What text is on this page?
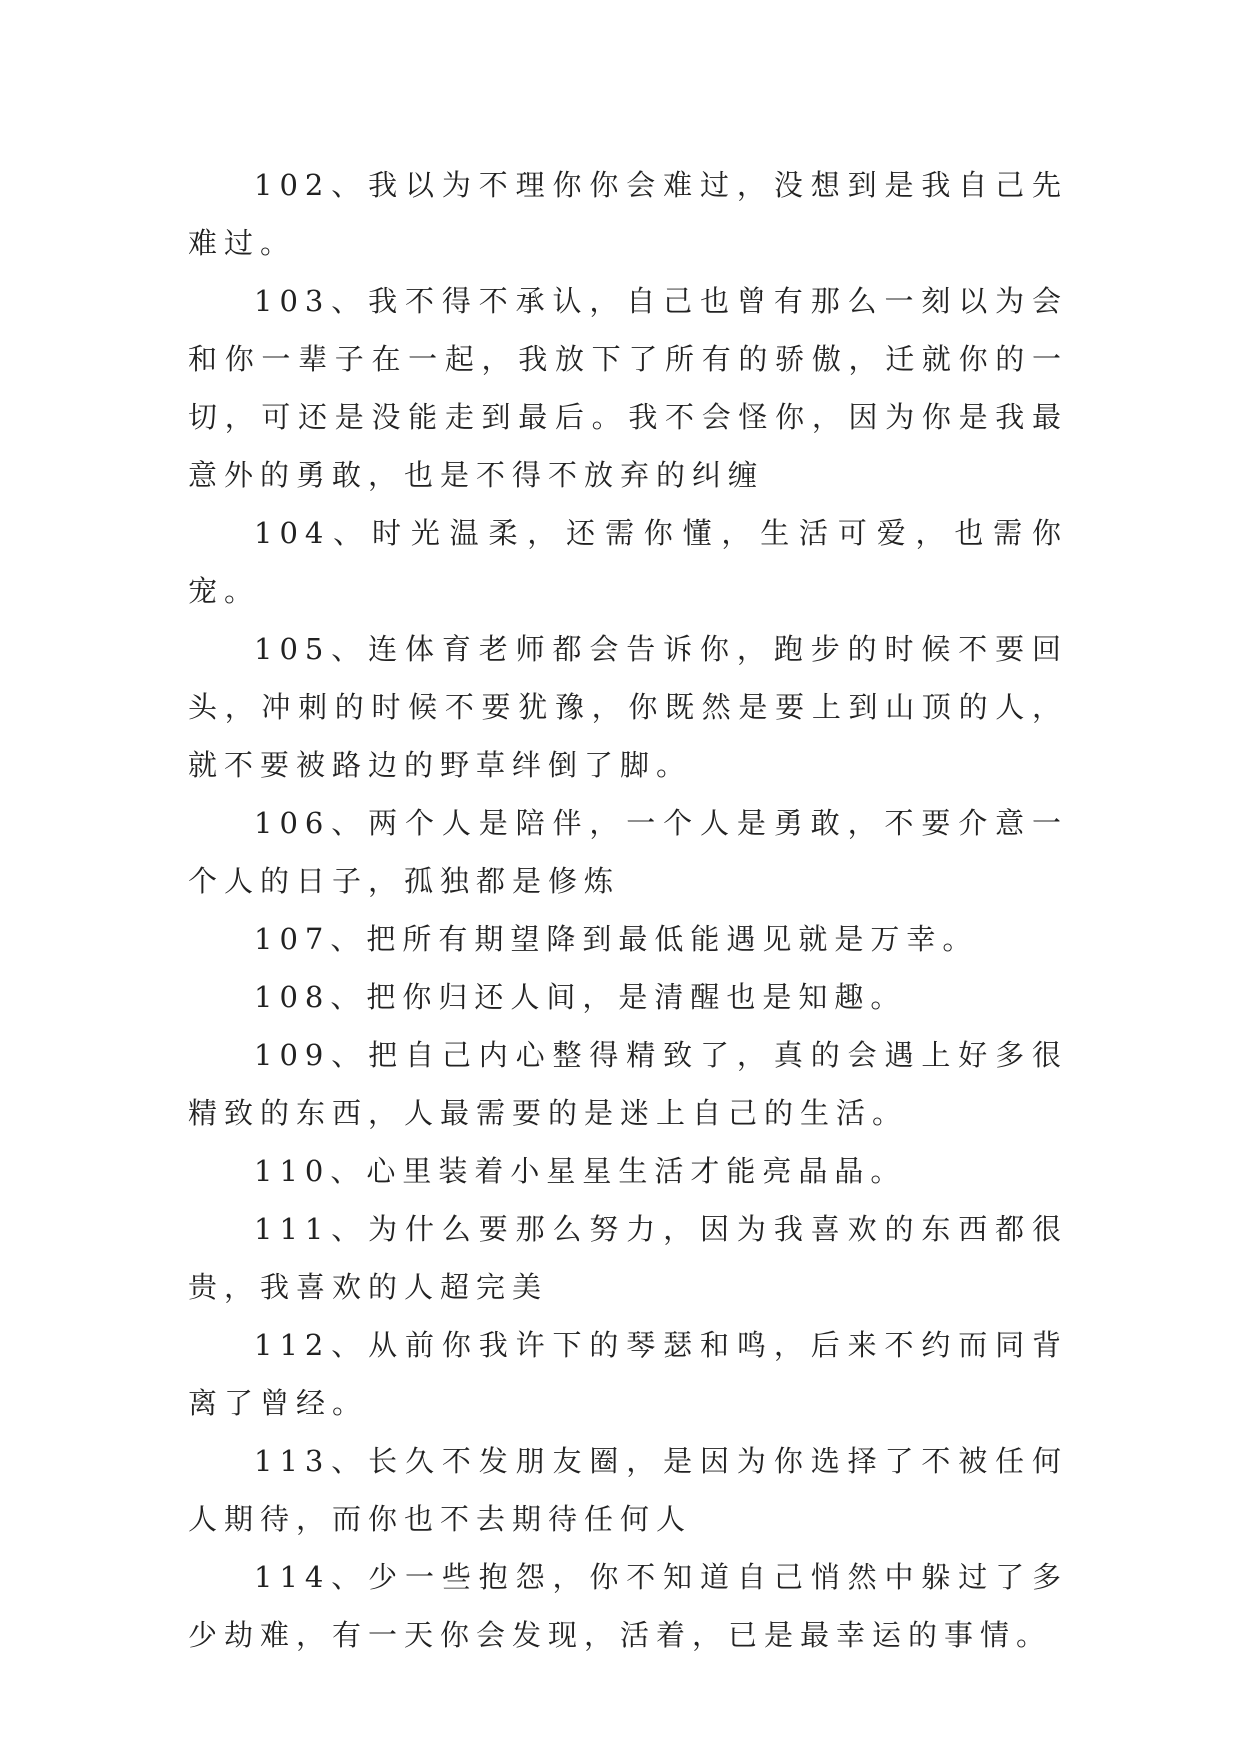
102、我以为不理你你会难过，没想到是我自己先难过。

103、我不得不承认，自己也曾有那么一刻以为会和你一辈子在一起，我放下了所有的骄傲，迁就你的一切，可还是没能走到最后。我不会怪你，因为你是我最意外的勇敢，也是不得不放弃的纠缠

104、时光温柔，还需你懂，生活可爱，也需你宠。

105、连体育老师都会告诉你，跑步的时候不要回头，冲刺的时候不要犹豫，你既然是要上到山顶的人，就不要被路边的野草绊倒了脚。

106、两个人是陪伴，一个人是勇敢，不要介意一个人的日子，孤独都是修炼

107、把所有期望降到最低能遇见就是万幸。

108、把你归还人间，是清醒也是知趣。

109、把自己内心整得精致了，真的会遇上好多很精致的东西，人最需要的是迷上自己的生活。

110、心里装着小星星生活才能亮晶晶。

111、为什么要那么努力，因为我喜欢的东西都很贵，我喜欢的人超完美

112、从前你我许下的琴瑟和鸣，后来不约而同背离了曾经。

113、长久不发朋友圈，是因为你选择了不被任何人期待，而你也不去期待任何人

114、少一些抱怨，你不知道自己悄然中躲过了多少劫难，有一天你会发现，活着，已是最幸运的事情。
